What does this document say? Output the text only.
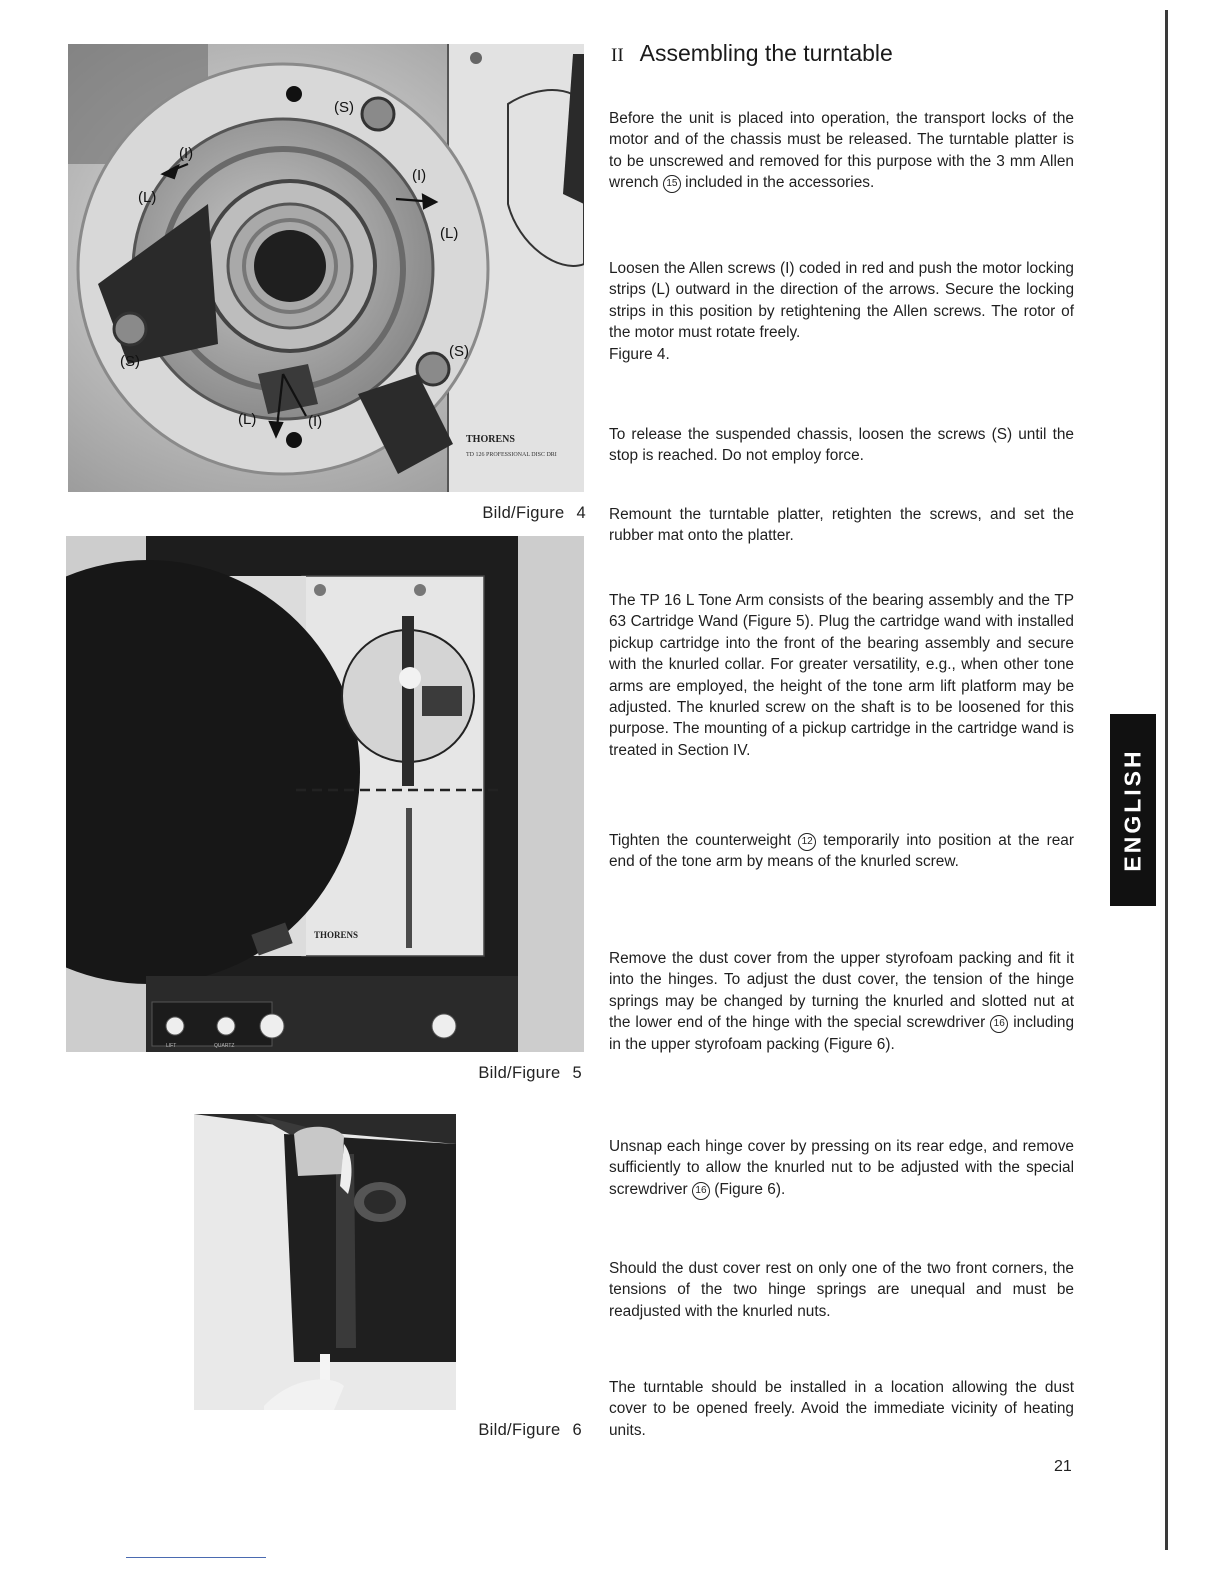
(S)
(I)
(L)
(I)
(L)
(S)
(S)
(L)	(I)
THORENS
TD 126 PROFESSIONAL DISC DRI
Bild/Figure 4
THORENS
LIFT	QUARTZ
Bild/Figure 5
Bild/Figure 6
II Assembling the turntable

Before the unit is placed into operation, the transport locks of the motor and of the chassis must be released. The turntable platter is to be unscrewed and removed for this purpose with the 3 mm Allen wrench 15 included in the accessories.

Loosen the Allen screws (I) coded in red and push the motor locking strips (L) outward in the direction of the arrows. Secure the locking strips in this position by retightening the Allen screws. The rotor of the motor must rotate freely.
Figure 4.

To release the suspended chassis, loosen the screws (S) until the stop is reached. Do not employ force.

Remount the turntable platter, retighten the screws, and set the rubber mat onto the platter.

The TP 16 L Tone Arm consists of the bearing assembly and the TP 63 Cartridge Wand (Figure 5). Plug the cartridge wand with installed pickup cartridge into the front of the bearing assembly and secure with the knurled collar. For greater versatility, e.g., when other tone arms are employed, the height of the tone arm lift platform may be adjusted. The knurled screw on the shaft is to be loosened for this purpose. The mounting of a pickup cartridge in the cartridge wand is treated in Section IV.

Tighten the counterweight 12 temporarily into position at the rear end of the tone arm by means of the knurled screw.

Remove the dust cover from the upper styrofoam packing and fit it into the hinges. To adjust the dust cover, the tension of the hinge springs may be changed by turning the knurled and slotted nut at the lower end of the hinge with the special screwdriver 16 including in the upper styrofoam packing (Figure 6).

Unsnap each hinge cover by pressing on its rear edge, and remove sufficiently to allow the knurled nut to be adjusted with the special screwdriver 16 (Figure 6).

Should the dust cover rest on only one of the two front corners, the tensions of the two hinge springs are unequal and must be readjusted with the knurled nuts.

The turntable should be installed in a location allowing the dust cover to be opened freely. Avoid the immediate vicinity of heating units.

ENGLISH
21
